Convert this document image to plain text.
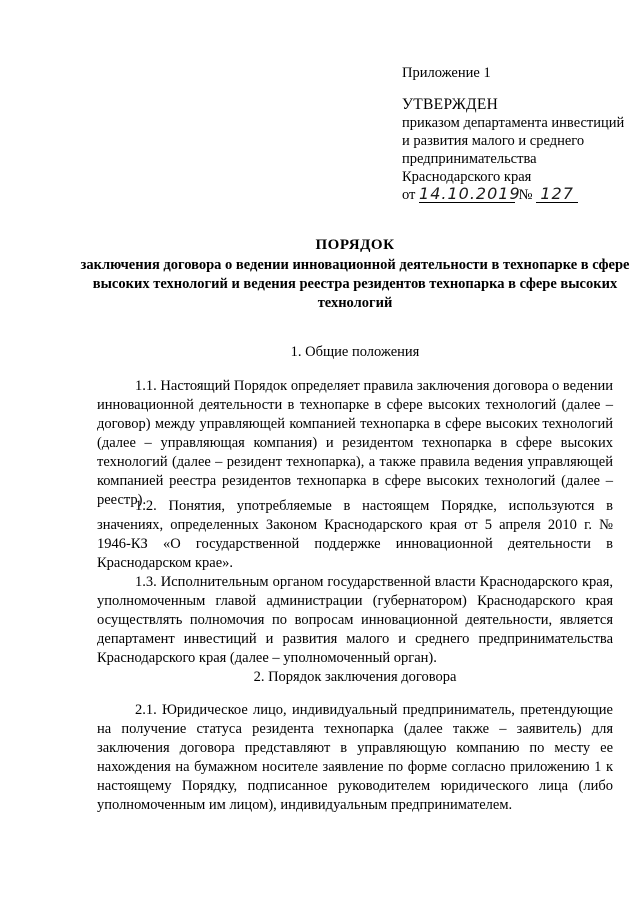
Приложение 1
УТВЕРЖДЕН
приказом департамента инвестиций и развития малого и среднего предпринимательства Краснодарского края
от 14.10.2019 № 127
ПОРЯДОК
заключения договора о ведении инновационной деятельности в технопарке в сфере высоких технологий и ведения реестра резидентов технопарка в сфере высоких технологий
1. Общие положения

1.1. Настоящий Порядок определяет правила заключения договора о ведении инновационной деятельности в технопарке в сфере высоких технологий (далее – договор) между управляющей компанией технопарка в сфере высоких технологий (далее – управляющая компания) и резидентом технопарка в сфере высоких технологий (далее – резидент технопарка), а также правила ведения управляющей компанией реестра резидентов технопарка в сфере высоких технологий (далее – реестр).

1.2. Понятия, употребляемые в настоящем Порядке, используются в значениях, определенных Законом Краснодарского края от 5 апреля 2010 г. № 1946-КЗ «О государственной поддержке инновационной деятельности в Краснодарском крае».

1.3. Исполнительным органом государственной власти Краснодарского края, уполномоченным главой администрации (губернатором) Краснодарского края осуществлять полномочия по вопросам инновационной деятельности, является департамент инвестиций и развития малого и среднего предпринимательства Краснодарского края (далее – уполномоченный орган).

2. Порядок заключения договора

2.1. Юридическое лицо, индивидуальный предприниматель, претендующие на получение статуса резидента технопарка (далее также – заявитель) для заключения договора представляют в управляющую компанию по месту ее нахождения на бумажном носителе заявление по форме согласно приложению 1 к настоящему Порядку, подписанное руководителем юридического лица (либо уполномоченным им лицом), индивидуальным предпринимателем.
